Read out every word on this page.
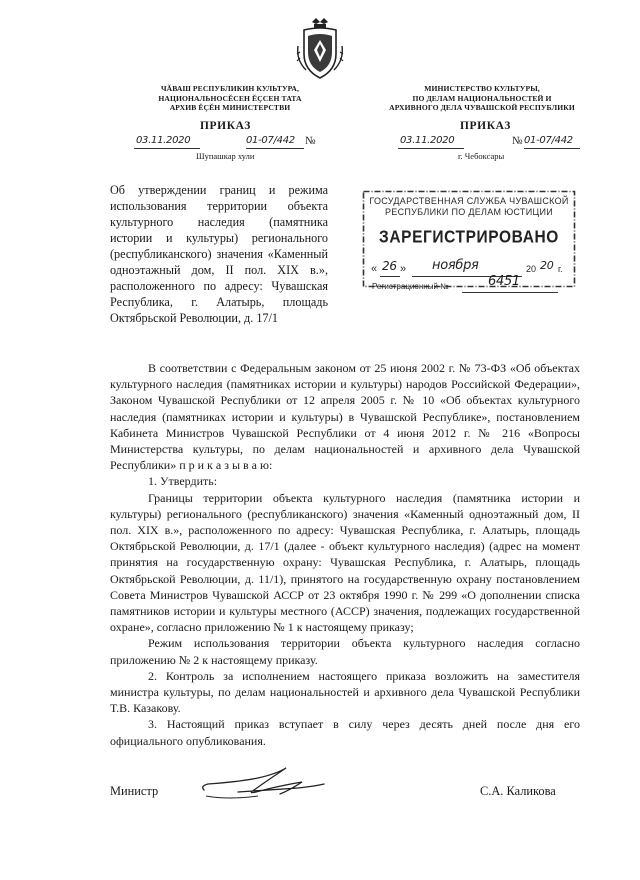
ЧĂВАШ РЕСПУБЛИКИН КУЛЬТУРА,
НАЦИОНАЛЬНОСĔСЕН ĔÇСЕН ТАТА
АРХИВ ĔÇĔН МИНИСТЕРСТВИ
МИНИСТЕРСТВО КУЛЬТУРЫ,
ПО ДЕЛАМ НАЦИОНАЛЬНОСТЕЙ И
АРХИВНОГО ДЕЛА ЧУВАШСКОЙ РЕСПУБЛИКИ
ПРИКАЗ	ПРИКАЗ
03.11.2020	01-07/442 №
Шупашкар хули
03.11.2020	№ 01-07/442
г. Чебоксары

Об утверждении границ и режима использования территории объекта культурного наследия (памятника истории и культуры) регионального (республиканского) значения «Каменный одноэтажный дом, II пол. XIX в.», расположенного по адресу: Чувашская Республика, г. Алатырь, площадь Октябрьской Революции, д. 17/1

ГОСУДАРСТВЕННАЯ СЛУЖБА ЧУВАШСКОЙ
РЕСПУБЛИКИ ПО ДЕЛАМ ЮСТИЦИИ
ЗАРЕГИСТРИРОВАНО
« 26 » ноября	20 20 г.
Регистрационный №	6451

В соответствии с Федеральным законом от 25 июня 2002 г. № 73-ФЗ «Об объектах культурного наследия (памятниках истории и культуры) народов Российской Федерации», Законом Чувашской Республики от 12 апреля 2005 г. № 10 «Об объектах культурного наследия (памятниках истории и культуры) в Чувашской Республике», постановлением Кабинета Министров Чувашской Республики от 4 июня 2012 г. № 216 «Вопросы Министерства культуры, по делам национальностей и архивного дела Чувашской Республики» п р и к а з ы в а ю:

1. Утвердить:

Границы территории объекта культурного наследия (памятника истории и культуры) регионального (республиканского) значения «Каменный одноэтажный дом, II пол. XIX в.», расположенного по адресу: Чувашская Республика, г. Алатырь, площадь Октябрьской Революции, д. 17/1 (далее - объект культурного наследия) (адрес на момент принятия на государственную охрану: Чувашская Республика, г. Алатырь, площадь Октябрьской Революции, д. 11/1), принятого на государственную охрану постановлением Совета Министров Чувашской АССР от 23 октября 1990 г. № 299 «О дополнении списка памятников истории и культуры местного (АССР) значения, подлежащих государственной охране», согласно приложению № 1 к настоящему приказу;

Режим использования территории объекта культурного наследия согласно приложению № 2 к настоящему приказу.

2. Контроль за исполнением настоящего приказа возложить на заместителя министра культуры, по делам национальностей и архивного дела Чувашской Республики Т.В. Казакову.

3. Настоящий приказ вступает в силу через десять дней после дня его официального опубликования.

Министр	С.А. Каликова
